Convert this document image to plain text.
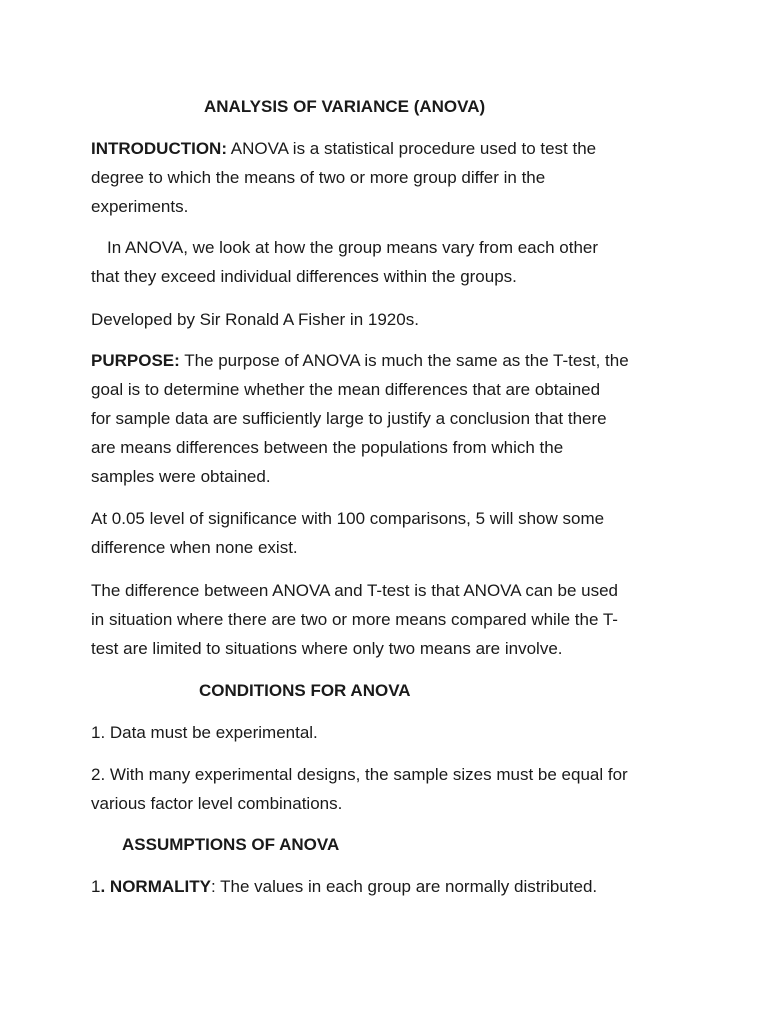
ANALYSIS OF VARIANCE (ANOVA)

INTRODUCTION: ANOVA is a statistical procedure used to test the
degree to which the means of two or more group differ in the
experiments.

In ANOVA, we look at how the group means vary from each other
that they exceed individual differences within the groups.

Developed by Sir Ronald A Fisher in 1920s.

PURPOSE: The purpose of ANOVA is much the same as the T-test, the
goal is to determine whether the mean differences that are obtained
for sample data are sufficiently large to justify a conclusion that there
are means differences between the populations from which the
samples were obtained.

At 0.05 level of significance with 100 comparisons, 5 will show some
difference when none exist.

The difference between ANOVA and T-test is that ANOVA can be used
in situation where there are two or more means compared while the T-
test are limited to situations where only two means are involve.

CONDITIONS FOR ANOVA

1. Data must be experimental.

2. With many experimental designs, the sample sizes must be equal for
various factor level combinations.

ASSUMPTIONS OF ANOVA

1. NORMALITY: The values in each group are normally distributed.
